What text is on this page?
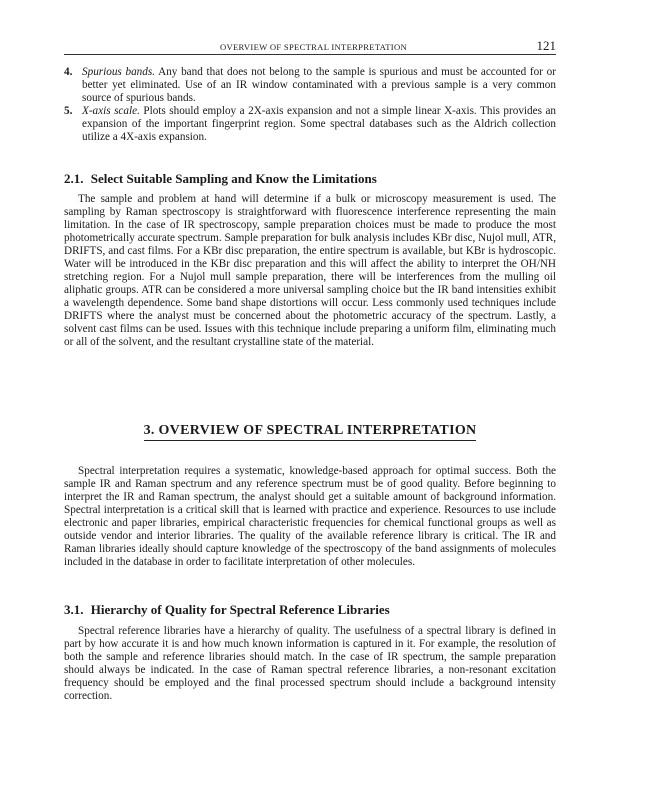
OVERVIEW OF SPECTRAL INTERPRETATION	121
4. Spurious bands. Any band that does not belong to the sample is spurious and must be accounted for or better yet eliminated. Use of an IR window contaminated with a previous sample is a very common source of spurious bands.
5. X-axis scale. Plots should employ a 2X-axis expansion and not a simple linear X-axis. This provides an expansion of the important fingerprint region. Some spectral databases such as the Aldrich collection utilize a 4X-axis expansion.
2.1. Select Suitable Sampling and Know the Limitations

The sample and problem at hand will determine if a bulk or microscopy measurement is used. The sampling by Raman spectroscopy is straightforward with fluorescence interference representing the main limitation. In the case of IR spectroscopy, sample preparation choices must be made to produce the most photometrically accurate spectrum. Sample preparation for bulk analysis includes KBr disc, Nujol mull, ATR, DRIFTS, and cast films. For a KBr disc preparation, the entire spectrum is available, but KBr is hydroscopic. Water will be introduced in the KBr disc preparation and this will affect the ability to interpret the OH/NH stretching region. For a Nujol mull sample preparation, there will be interferences from the mulling oil aliphatic groups. ATR can be considered a more universal sampling choice but the IR band intensities exhibit a wavelength dependence. Some band shape distortions will occur. Less commonly used techniques include DRIFTS where the analyst must be concerned about the photometric accuracy of the spectrum. Lastly, a solvent cast films can be used. Issues with this technique include preparing a uniform film, eliminating much or all of the solvent, and the resultant crystalline state of the material.

3. OVERVIEW OF SPECTRAL INTERPRETATION

Spectral interpretation requires a systematic, knowledge-based approach for optimal success. Both the sample IR and Raman spectrum and any reference spectrum must be of good quality. Before beginning to interpret the IR and Raman spectrum, the analyst should get a suitable amount of background information. Spectral interpretation is a critical skill that is learned with practice and experience. Resources to use include electronic and paper libraries, empirical characteristic frequencies for chemical functional groups as well as outside vendor and interior libraries. The quality of the available reference library is critical. The IR and Raman libraries ideally should capture knowledge of the spectroscopy of the band assignments of molecules included in the database in order to facilitate interpretation of other molecules.

3.1. Hierarchy of Quality for Spectral Reference Libraries

Spectral reference libraries have a hierarchy of quality. The usefulness of a spectral library is defined in part by how accurate it is and how much known information is captured in it. For example, the resolution of both the sample and reference libraries should match. In the case of IR spectrum, the sample preparation should always be indicated. In the case of Raman spectral reference libraries, a non-resonant excitation frequency should be employed and the final processed spectrum should include a background intensity correction.
